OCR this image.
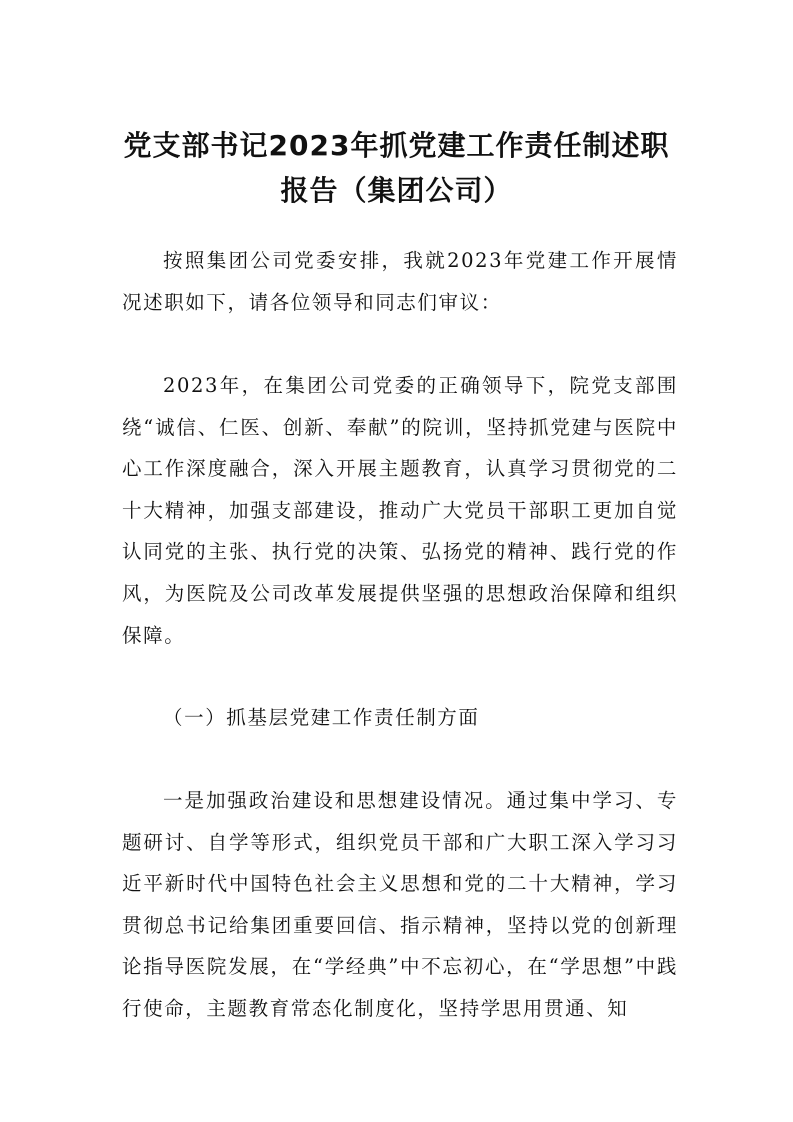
党支部书记2023年抓党建工作责任制述职
报告（集团公司）

按照集团公司党委安排，我就2023年党建工作开展情况述职如下，请各位领导和同志们审议：

2023年，在集团公司党委的正确领导下，院党支部围绕“诚信、仁医、创新、奉献”的院训，坚持抓党建与医院中心工作深度融合，深入开展主题教育，认真学习贯彻党的二十大精神，加强支部建设，推动广大党员干部职工更加自觉认同党的主张、执行党的决策、弘扬党的精神、践行党的作风，为医院及公司改革发展提供坚强的思想政治保障和组织保障。

（一）抓基层党建工作责任制方面

一是加强政治建设和思想建设情况。通过集中学习、专题研讨、自学等形式，组织党员干部和广大职工深入学习习近平新时代中国特色社会主义思想和党的二十大精神，学习贯彻总书记给集团重要回信、指示精神，坚持以党的创新理论指导医院发展，在“学经典”中不忘初心，在“学思想”中践行使命，主题教育常态化制度化，坚持学思用贯通、知
